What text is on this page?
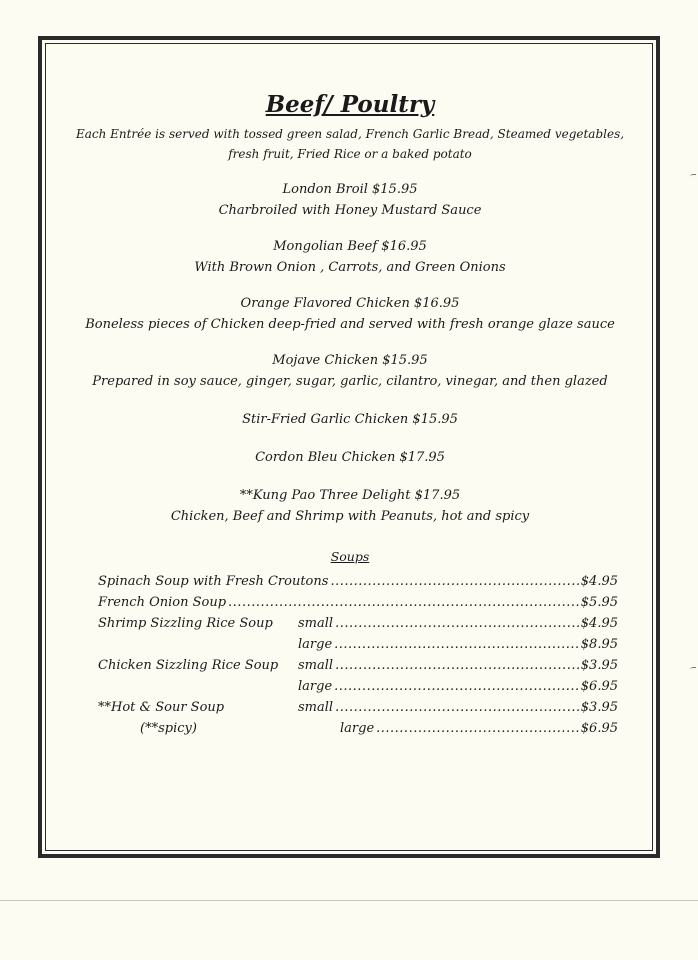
Beef/ Poultry
Each Entrée is served with tossed green salad, French Garlic Bread, Steamed vegetables, fresh fruit, Fried Rice or a baked potato
London Broil $15.95
Charbroiled with Honey Mustard Sauce
Mongolian Beef $16.95
With Brown Onion , Carrots, and Green Onions
Orange Flavored Chicken $16.95
Boneless pieces of Chicken deep-fried and served with fresh orange glaze sauce
Mojave Chicken $15.95
Prepared in soy sauce, ginger, sugar, garlic, cilantro, vinegar, and then glazed
Stir-Fried Garlic Chicken $15.95
Cordon Bleu Chicken $17.95
**Kung Pao Three Delight $17.95
Chicken, Beef and Shrimp with Peanuts, hot and spicy
Soups
Spinach Soup with Fresh Croutons .....	$4.95
French Onion Soup .....	$5.95
Shrimp Sizzling Rice Soup	small .....	$4.95
large .....	$8.95
Chicken Sizzling Rice Soup	small .....	$3.95
large .....	$6.95
**Hot & Sour Soup	small .....	$3.95
(**spicy)	large .....	$6.95
